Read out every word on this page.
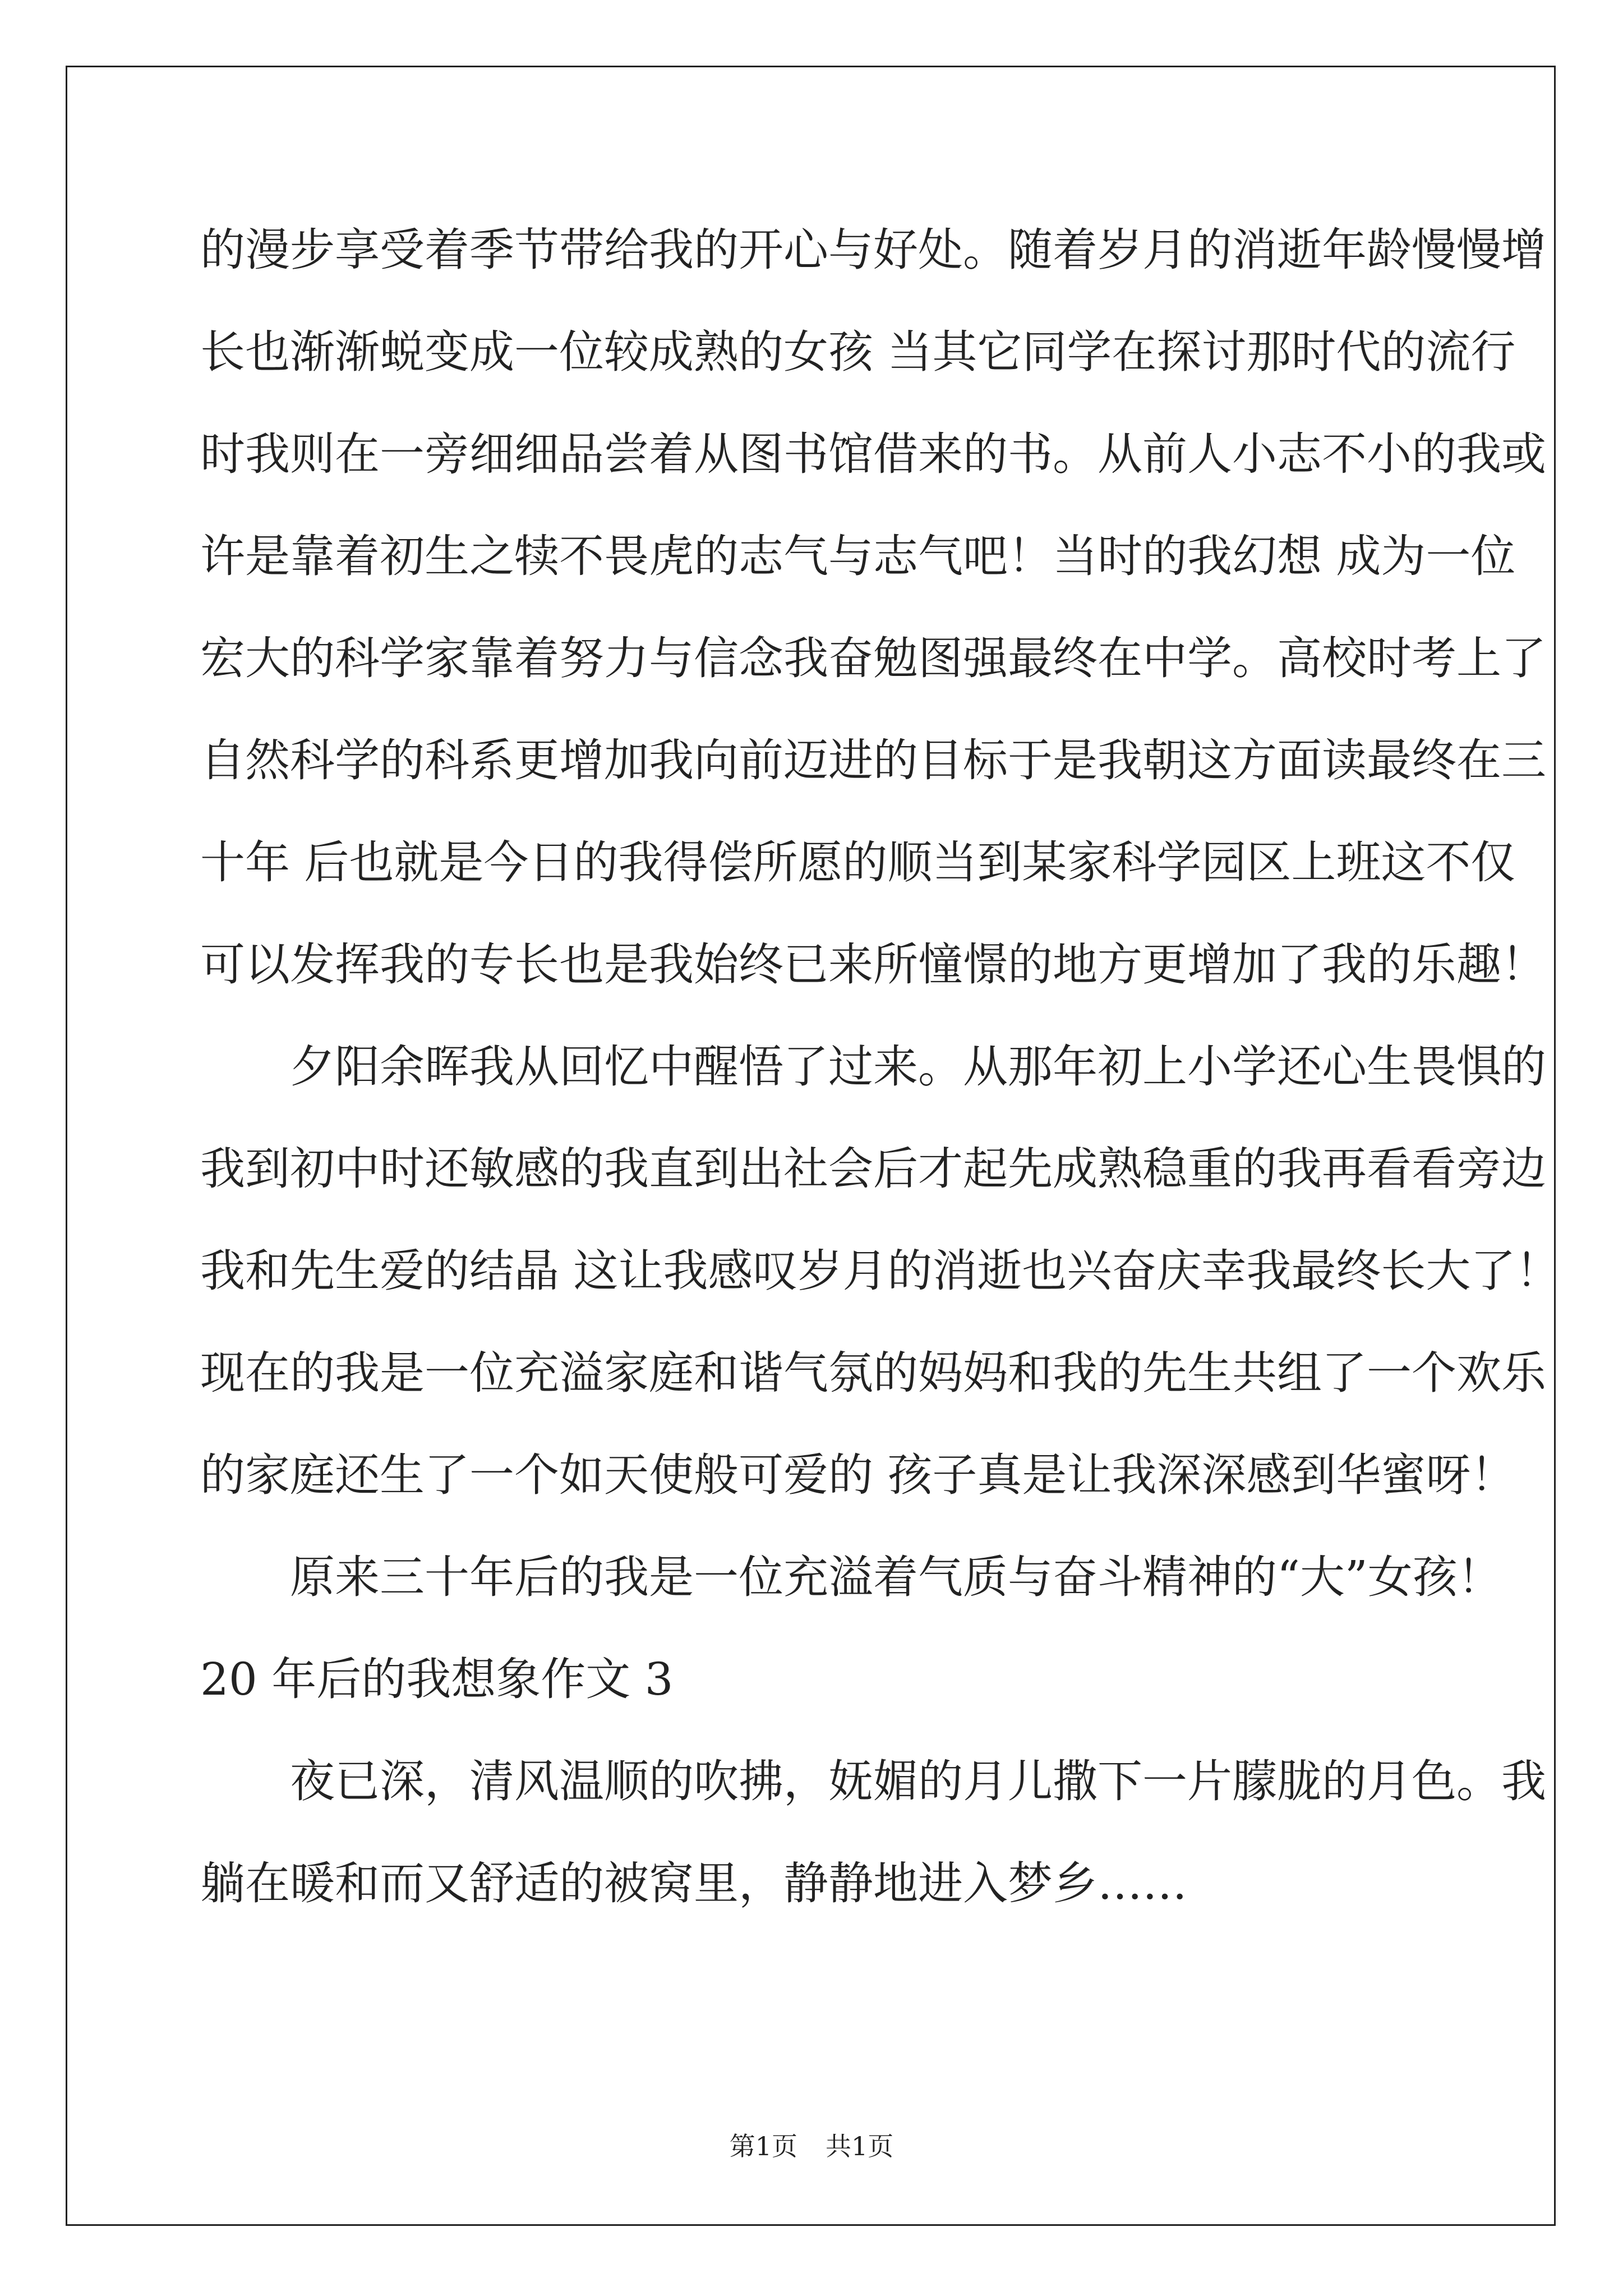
的漫步享受着季节带给我的开心与好处。随着岁月的消逝年龄慢慢增
长也渐渐蜕变成一位较成熟的女孩 当其它同学在探讨那时代的流行
时我则在一旁细细品尝着从图书馆借来的书。从前人小志不小的我或
许是靠着初生之犊不畏虎的志气与志气吧！当时的我幻想 成为一位
宏大的科学家靠着努力与信念我奋勉图强最终在中学。高校时考上了
自然科学的科系更增加我向前迈进的目标于是我朝这方面读最终在三
十年 后也就是今日的我得偿所愿的顺当到某家科学园区上班这不仅
可以发挥我的专长也是我始终已来所憧憬的地方更增加了我的乐趣！
夕阳余晖我从回忆中醒悟了过来。从那年初上小学还心生畏惧的
我到初中时还敏感的我直到出社会后才起先成熟稳重的我再看看旁边
我和先生爱的结晶 这让我感叹岁月的消逝也兴奋庆幸我最终长大了！
现在的我是一位充溢家庭和谐气氛的妈妈和我的先生共组了一个欢乐
的家庭还生了一个如天使般可爱的 孩子真是让我深深感到华蜜呀！
原来三十年后的我是一位充溢着气质与奋斗精神的“大”女孩！
20 年后的我想象作文 3
夜已深，清风温顺的吹拂，妩媚的月儿撒下一片朦胧的月色。我
躺在暖和而又舒适的被窝里，静静地进入梦乡……
第1页 共1页
